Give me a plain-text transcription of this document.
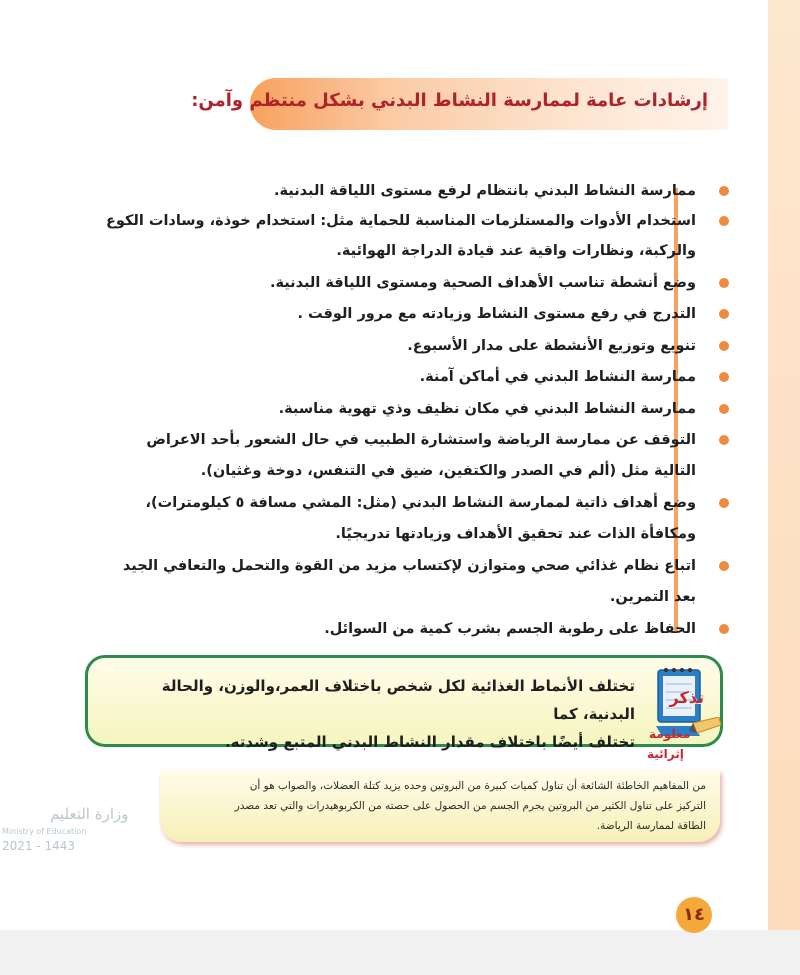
إرشادات عامة لممارسة النشاط البدني بشكل منتظم وآمن:
ممارسة النشاط البدني بانتظام لرفع مستوى اللياقة البدنية.
استخدام الأدوات والمستلزمات المناسبة للحماية مثل: استخدام خوذة، وسادات الكوع
والركبة، ونظارات واقية عند قيادة الدراجة الهوائية.
وضع أنشطة تناسب الأهداف الصحية ومستوى اللياقة البدنية.
التدرج في رفع مستوى النشاط وزيادته مع مرور الوقت .
تنويع وتوزيع الأنشطة على مدار الأسبوع.
ممارسة النشاط البدني في أماكن آمنة.
ممارسة النشاط البدني في مكان نظيف وذي تهوية مناسبة.
التوقف عن ممارسة الرياضة واستشارة الطبيب في حال الشعور بأحد الاعراض
التالية مثل (ألم في الصدر والكتفين، ضيق في التنفس، دوخة وغثيان).
وضع أهداف ذاتية لممارسة النشاط البدني (مثل: المشي مسافة ٥ كيلومترات)،
ومكافأة الذات عند تحقيق الأهداف وزيادتها تدريجيًا.
اتباع نظام غذائي صحي ومتوازن لإكتساب مزيد من القوة والتحمل والتعافي الجيد
بعد التمرين.
الحفاظ على رطوبة الجسم بشرب كمية من السوائل.
تذكر
تختلف الأنماط الغذائية لكل شخص باختلاف العمر،والوزن، والحالة البدنية، كما
تختلف أيضًا باختلاف مقدار النشاط البدني المتبع وشدته. معلومة
إثرائية
من المفاهيم الخاطئة الشائعة أن تناول كميات كبيرة من البروتين وحده يزيد كتلة العضلات، والصواب هو أن
التركيز على تناول الكثير من البروتين يحرم الجسم من الحصول على حصته من الكربوهيدرات والتي تعد مصدر
الطاقة لممارسة الرياضة.
وزارة التعليم
Ministry of Education
2021 - 1443
١٤
